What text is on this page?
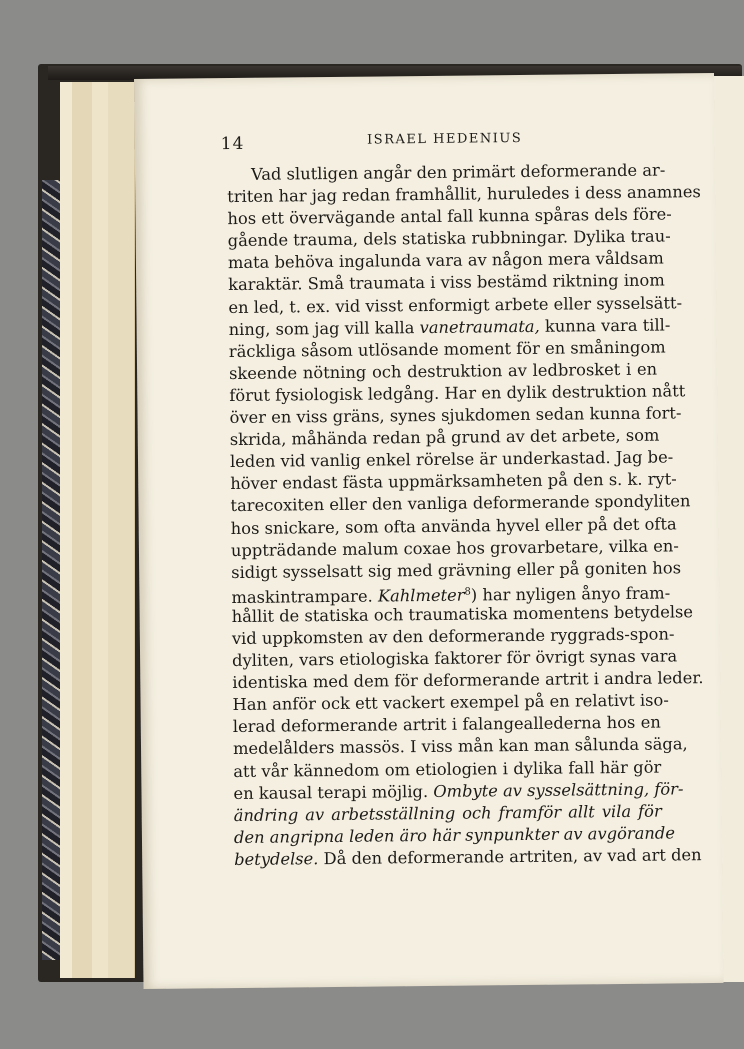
14	ISRAEL HEDENIUS
Vad slutligen angår den primärt deformerande ar-
triten har jag redan framhållit, huruledes i dess anamnes
hos ett övervägande antal fall kunna spåras dels före-
gående trauma, dels statiska rubbningar. Dylika trau-
mata behöva ingalunda vara av någon mera våldsam
karaktär. Små traumata i viss bestämd riktning inom
en led, t. ex. vid visst enformigt arbete eller sysselsätt-
ning, som jag vill kalla vanetraumata, kunna vara till-
räckliga såsom utlösande moment för en småningom
skeende nötning och destruktion av ledbrosket i en
förut fysiologisk ledgång. Har en dylik destruktion nått
över en viss gräns, synes sjukdomen sedan kunna fort-
skrida, måhända redan på grund av det arbete, som
leden vid vanlig enkel rörelse är underkastad. Jag be-
höver endast fästa uppmärksamheten på den s. k. ryt-
tarecoxiten eller den vanliga deformerande spondyliten
hos snickare, som ofta använda hyvel eller på det ofta
uppträdande malum coxae hos grovarbetare, vilka en-
sidigt sysselsatt sig med grävning eller på goniten hos
maskintrampare. Kahlmeter$^8$) har nyligen ånyo fram-
hållit de statiska och traumatiska momentens betydelse
vid uppkomsten av den deformerande ryggrads-spon-
dyliten, vars etiologiska faktorer för övrigt synas vara
identiska med dem för deformerande artrit i andra leder.
Han anför ock ett vackert exempel på en relativt iso-
lerad deformerande artrit i falangealledern​a hos en
medelålders massös. I viss mån kan man sålunda säga,
att vår kännedom om etiologien i dylika fall här gör
en kausal terapi möjlig. Ombyte av sysselsättning, för-
ändring av arbetsställning och framför allt vila för
den angripna leden äro här synpunkter av avgörande
betydelse. Då den deformerande artriten, av vad art den
